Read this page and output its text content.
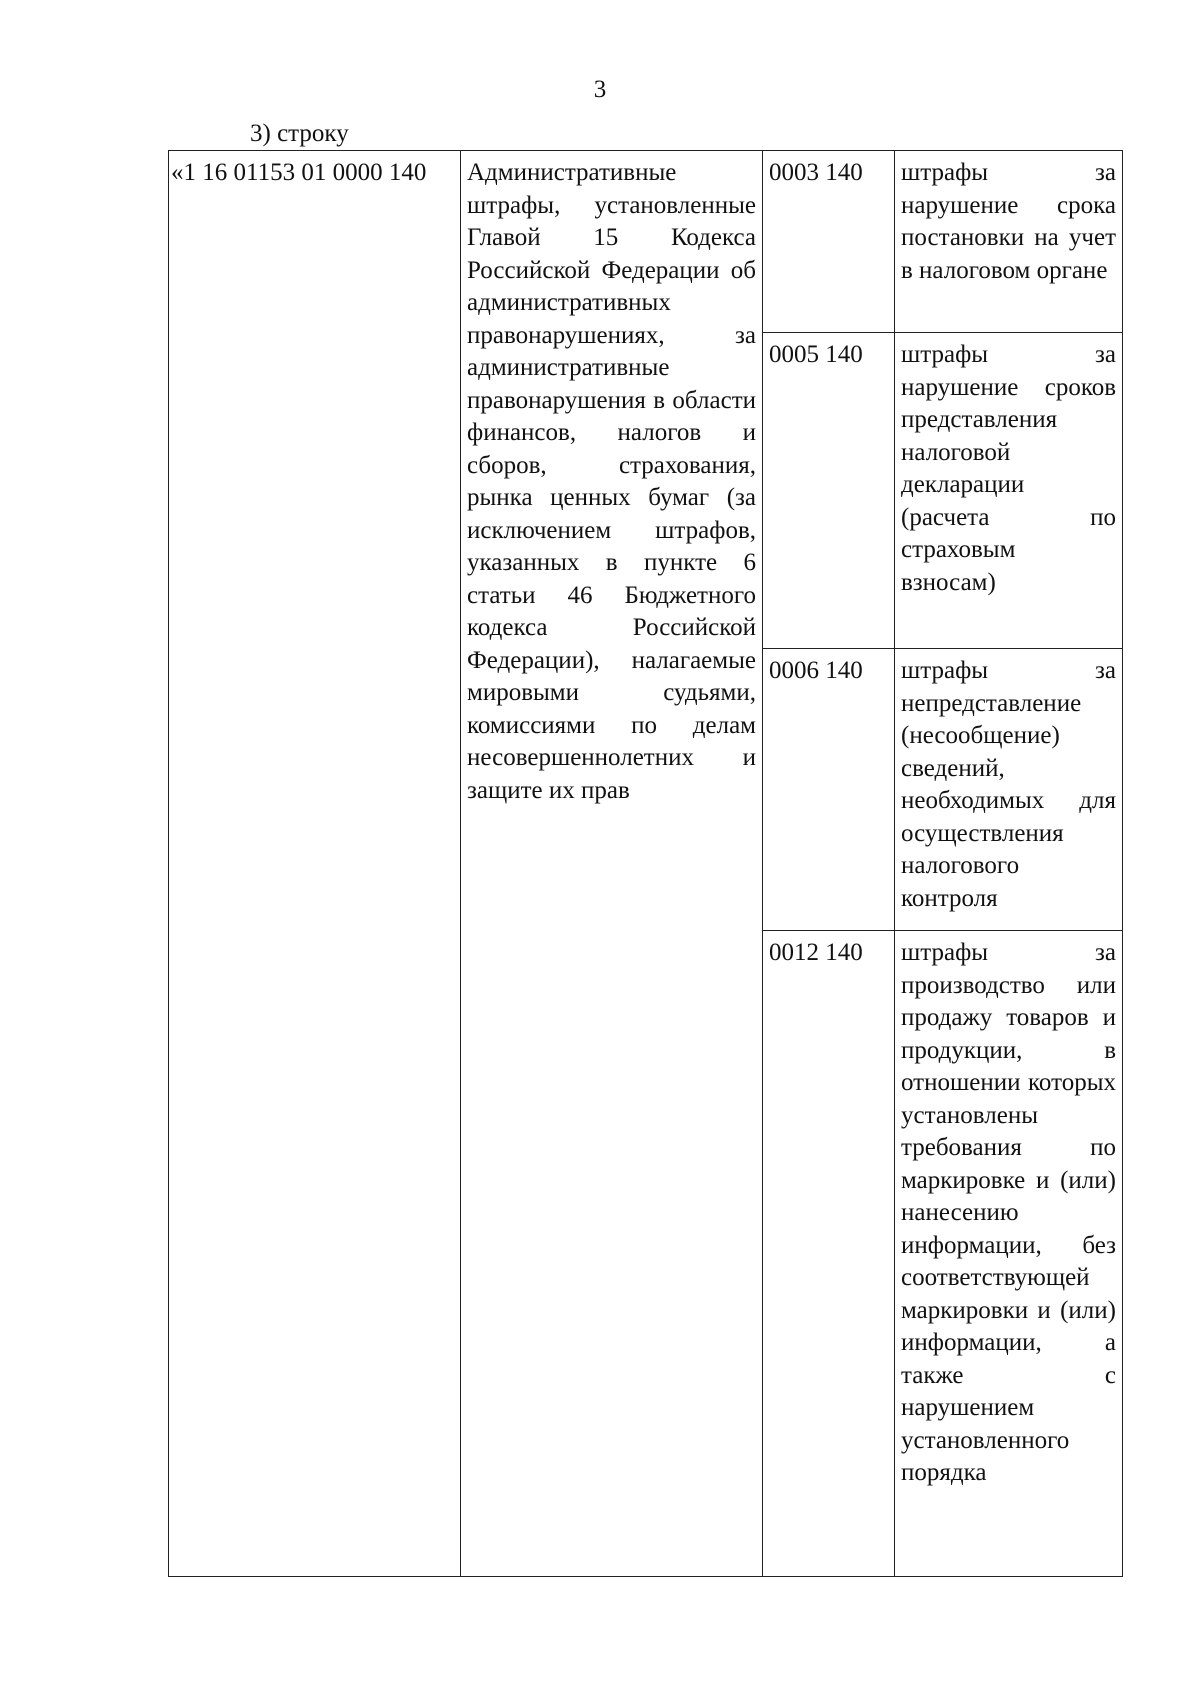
3
3) строку
«1 16 01153 01 0000 140	Административные штрафы, установленные Главой 15 Кодекса Российской Федерации об административных правонарушениях, за административные правонарушения в области финансов, налогов и сборов, страхования, рынка ценных бумаг (за исключением штрафов, указанных в пункте 6 статьи 46 Бюджетного кодекса Российской Федерации), налагаемые мировыми судьями, комиссиями по делам несовершеннолетних и защите их прав	0003 140	штрафы за нарушение срока постановки на учет в налоговом органе
		0005 140	штрафы за нарушение сроков представления налоговой декларации (расчета по страховым взносам)
		0006 140	штрафы за непредставление (несообщение) сведений, необходимых для осуществления налогового контроля
		0012 140	штрафы за производство или продажу товаров и продукции, в отношении которых установлены требования по маркировке и (или) нанесению информации, без соответствующей маркировки и (или) информации, а также с нарушением установленного порядка
